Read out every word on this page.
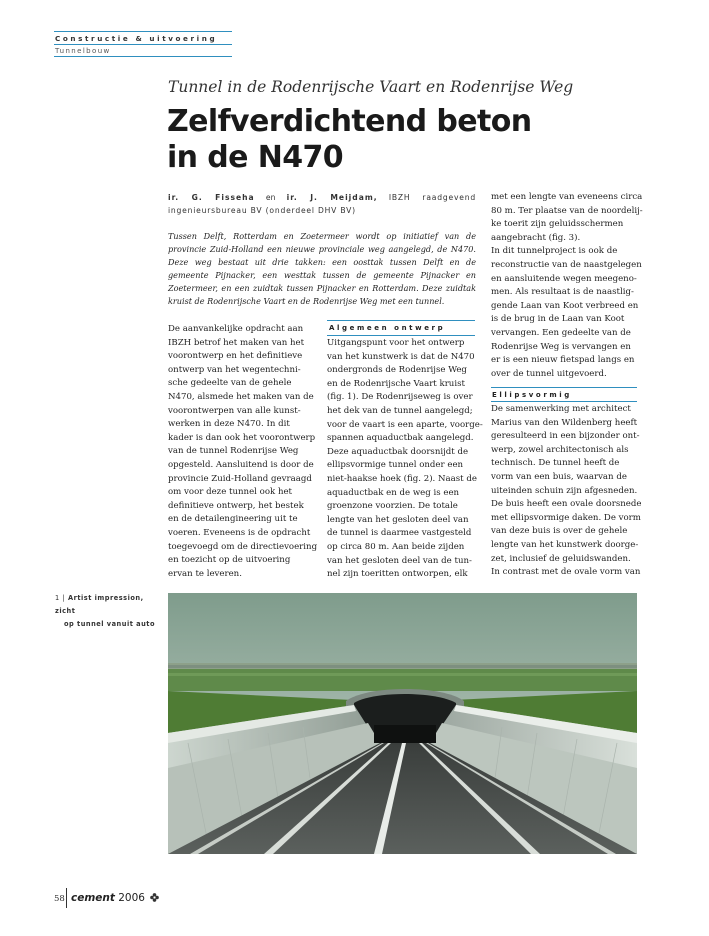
Constructie & uitvoering
Tunnelbouw
Tunnel in de Rodenrijsche Vaart en Rodenrijse Weg
Zelfverdichtend beton
in de N470
ir. G. Fisseha en ir. J. Meijdam, IBZH raadgevend ingenieursbureau BV (onderdeel DHV BV)
Tussen Delft, Rotterdam en Zoetermeer wordt op initiatief van de provincie Zuid-Holland een nieuwe provinciale weg aangelegd, de N470. Deze weg bestaat uit drie takken: een oosttak tussen Delft en de gemeente Pijnacker, een westtak tussen de gemeente Pijnacker en Zoetermeer, en een zuidtak tussen Pijnacker en Rotterdam. Deze zuidtak kruist de Rodenrijsche Vaart en de Rodenrijse Weg met een tunnel.
De aanvankelijke opdracht aan
IBZH betrof het maken van het
voorontwerp en het definitieve
ontwerp van het wegentechni-
sche gedeelte van de gehele
N470, alsmede het maken van de
voorontwerpen van alle kunst-
werken in deze N470. In dit
kader is dan ook het voorontwerp
van de tunnel Rodenrijse Weg
opgesteld. Aansluitend is door de
provincie Zuid-Holland gevraagd
om voor deze tunnel ook het
definitieve ontwerp, het bestek
en de detailengineering uit te
voeren. Eveneens is de opdracht
toegevoegd om de directievoering
en toezicht op de uitvoering
ervan te leveren.
Algemeen ontwerp
Uitgangspunt voor het ontwerp
van het kunstwerk is dat de N470
ondergronds de Rodenrijse Weg
en de Rodenrijsche Vaart kruist
(fig. 1). De Rodenrijseweg is over
het dek van de tunnel aangelegd;
voor de vaart is een aparte, voorge-
spannen aquaductbak aangelegd.
Deze aquaductbak doorsnijdt de
ellipsvormige tunnel onder een
niet-haakse hoek (fig. 2). Naast de
aquaductbak en de weg is een
groenzone voorzien. De totale
lengte van het gesloten deel van
de tunnel is daarmee vastgesteld
op circa 80 m. Aan beide zijden
van het gesloten deel van de tun-
nel zijn toeritten ontworpen, elk
met een lengte van eveneens circa
80 m. Ter plaatse van de noordelij-
ke toerit zijn geluidsschermen
aangebracht (fig. 3).
In dit tunnelproject is ook de
reconstructie van de naastgelegen
en aansluitende wegen meegeno-
men. Als resultaat is de naastlig-
gende Laan van Koot verbreed en
is de brug in de Laan van Koot
vervangen. Een gedeelte van de
Rodenrijse Weg is vervangen en
er is een nieuw fietspad langs en
over de tunnel uitgevoerd.
Ellipsvormig
De samenwerking met architect
Marius van den Wildenberg heeft
geresulteerd in een bijzonder ont-
werp, zowel architectonisch als
technisch. De tunnel heeft de
vorm van een buis, waarvan de
uiteinden schuin zijn afgesneden.
De buis heeft een ovale doorsnede
met ellipsvormige daken. De vorm
van deze buis is over de gehele
lengte van het kunstwerk doorge-
zet, inclusief de geluidswanden.
In contrast met de ovale vorm van
1 | Artist impression, zicht
op tunnel vanuit auto
58 cement 2006
